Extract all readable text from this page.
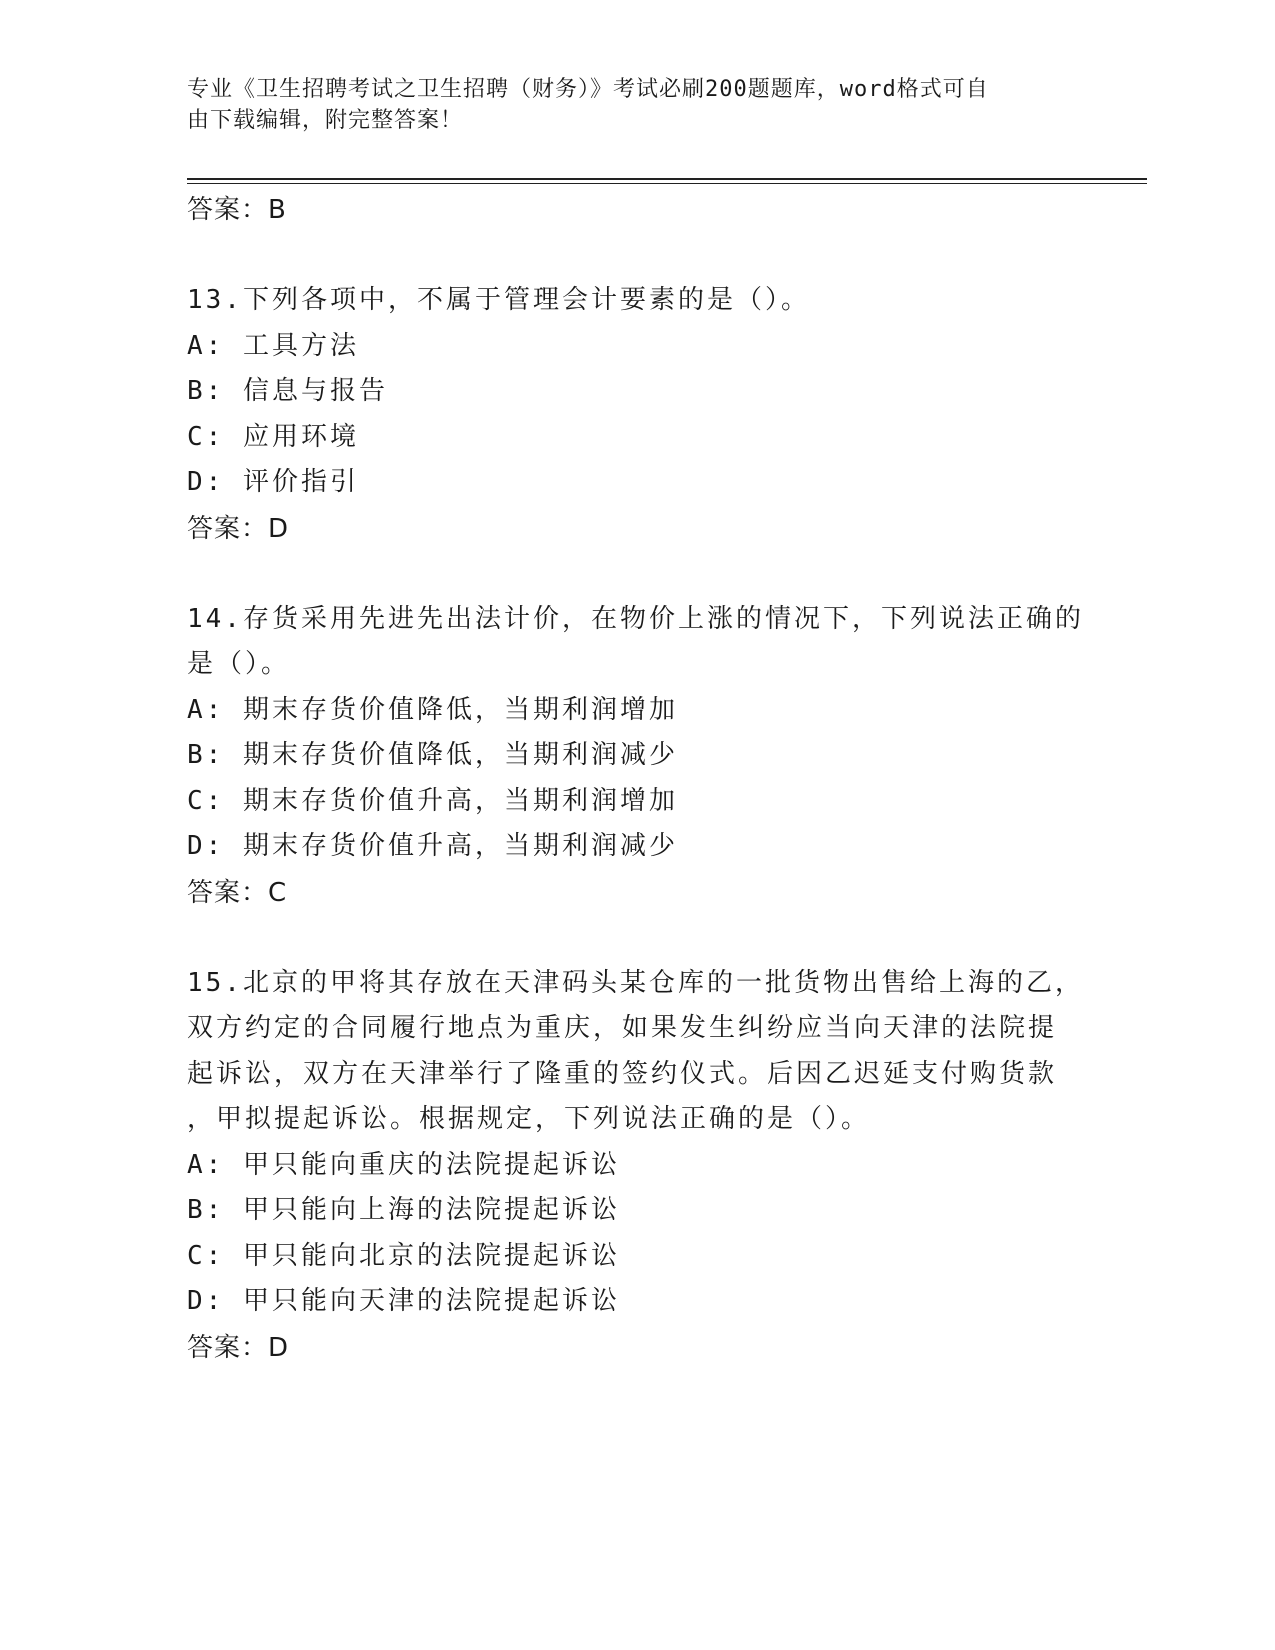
专业《卫生招聘考试之卫生招聘（财务）》考试必刷200题题库，word格式可自
由下载编辑，附完整答案！
答案：B
13.下列各项中，不属于管理会计要素的是（）。
A: 工具方法
B: 信息与报告
C: 应用环境
D: 评价指引
答案：D
14.存货采用先进先出法计价，在物价上涨的情况下，下列说法正确的
是（）。
A: 期末存货价值降低，当期利润增加
B: 期末存货价值降低，当期利润减少
C: 期末存货价值升高，当期利润增加
D: 期末存货价值升高，当期利润减少
答案：C
15.北京的甲将其存放在天津码头某仓库的一批货物出售给上海的乙，
双方约定的合同履行地点为重庆，如果发生纠纷应当向天津的法院提
起诉讼，双方在天津举行了隆重的签约仪式。后因乙迟延支付购货款
，甲拟提起诉讼。根据规定，下列说法正确的是（）。
A: 甲只能向重庆的法院提起诉讼
B: 甲只能向上海的法院提起诉讼
C: 甲只能向北京的法院提起诉讼
D: 甲只能向天津的法院提起诉讼
答案：D
